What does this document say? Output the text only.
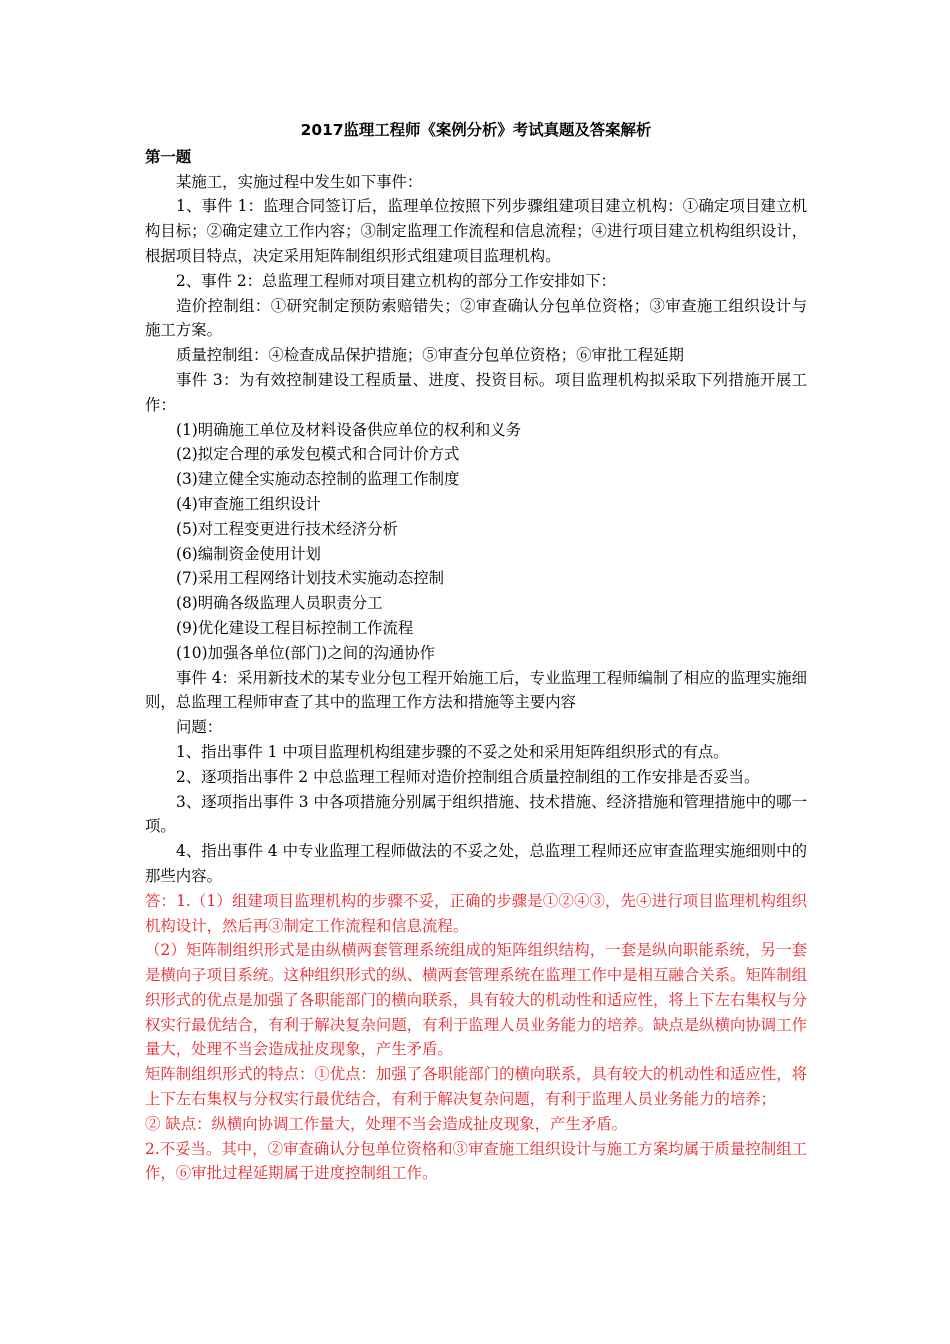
2017监理工程师《案例分析》考试真题及答案解析

第一题

某施工，实施过程中发生如下事件：

1、事件 1：监理合同签订后，监理单位按照下列步骤组建项目建立机构：①确定项目建立机构目标；②确定建立工作内容；③制定监理工作流程和信息流程；④进行项目建立机构组织设计，根据项目特点，决定采用矩阵制组织形式组建项目监理机构。

2、事件 2：总监理工程师对项目建立机构的部分工作安排如下：

造价控制组：①研究制定预防索赔错失；②审查确认分包单位资格；③审查施工组织设计与施工方案。

质量控制组：④检查成品保护措施；⑤审查分包单位资格；⑥审批工程延期

事件 3：为有效控制建设工程质量、进度、投资目标。项目监理机构拟采取下列措施开展工作：

(1)明确施工单位及材料设备供应单位的权利和义务

(2)拟定合理的承发包模式和合同计价方式

(3)建立健全实施动态控制的监理工作制度

(4)审查施工组织设计

(5)对工程变更进行技术经济分析

(6)编制资金使用计划

(7)采用工程网络计划技术实施动态控制

(8)明确各级监理人员职责分工

(9)优化建设工程目标控制工作流程

(10)加强各单位(部门)之间的沟通协作

事件 4：采用新技术的某专业分包工程开始施工后，专业监理工程师编制了相应的监理实施细则，总监理工程师审查了其中的监理工作方法和措施等主要内容

问题：

1、指出事件 1 中项目监理机构组建步骤的不妥之处和采用矩阵组织形式的有点。

2、逐项指出事件 2 中总监理工程师对造价控制组合质量控制组的工作安排是否妥当。

3、逐项指出事件 3 中各项措施分别属于组织措施、技术措施、经济措施和管理措施中的哪一项。

4、指出事件 4 中专业监理工程师做法的不妥之处，总监理工程师还应审查监理实施细则中的那些内容。

答：1.（1）组建项目监理机构的步骤不妥，正确的步骤是①②④③，先④进行项目监理机构组织机构设计，然后再③制定工作流程和信息流程。

（2）矩阵制组织形式是由纵横两套管理系统组成的矩阵组织结构，一套是纵向职能系统，另一套是横向子项目系统。这种组织形式的纵、横两套管理系统在监理工作中是相互融合关系。矩阵制组织形式的优点是加强了各职能部门的横向联系，具有较大的机动性和适应性，将上下左右集权与分权实行最优结合，有利于解决复杂问题，有利于监理人员业务能力的培养。缺点是纵横向协调工作量大，处理不当会造成扯皮现象，产生矛盾。

矩阵制组织形式的特点：①优点：加强了各职能部门的横向联系，具有较大的机动性和适应性，将上下左右集权与分权实行最优结合，有利于解决复杂问题，有利于监理人员业务能力的培养；

② 缺点：纵横向协调工作量大，处理不当会造成扯皮现象，产生矛盾。

2.不妥当。其中，②审查确认分包单位资格和③审查施工组织设计与施工方案均属于质量控制组工作，⑥审批过程延期属于进度控制组工作。
